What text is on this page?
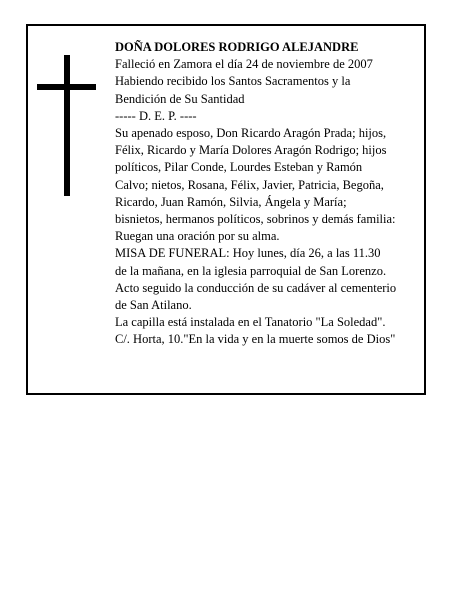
DOÑA DOLORES RODRIGO ALEJANDRE

Falleció en Zamora el día 24 de noviembre de 2007
Habiendo recibido los Santos Sacramentos y la
Bendición de Su Santidad

----- D. E. P. ----

Su apenado esposo, Don Ricardo Aragón Prada; hijos,
Félix, Ricardo y María Dolores Aragón Rodrigo; hijos
políticos, Pilar Conde, Lourdes Esteban y Ramón
Calvo; nietos, Rosana, Félix, Javier, Patricia, Begoña,
Ricardo, Juan Ramón, Silvia, Ángela y María;
bisnietos, hermanos políticos, sobrinos y demás familia:
Ruegan una oración por su alma.

MISA DE FUNERAL: Hoy lunes, día 26, a las 11.30
de la mañana, en la iglesia parroquial de San Lorenzo.
Acto seguido la conducción de su cadáver al cementerio
de San Atilano.

La capilla está instalada en el Tanatorio "La Soledad".
C/. Horta, 10."En la vida y en la muerte somos de Dios"
